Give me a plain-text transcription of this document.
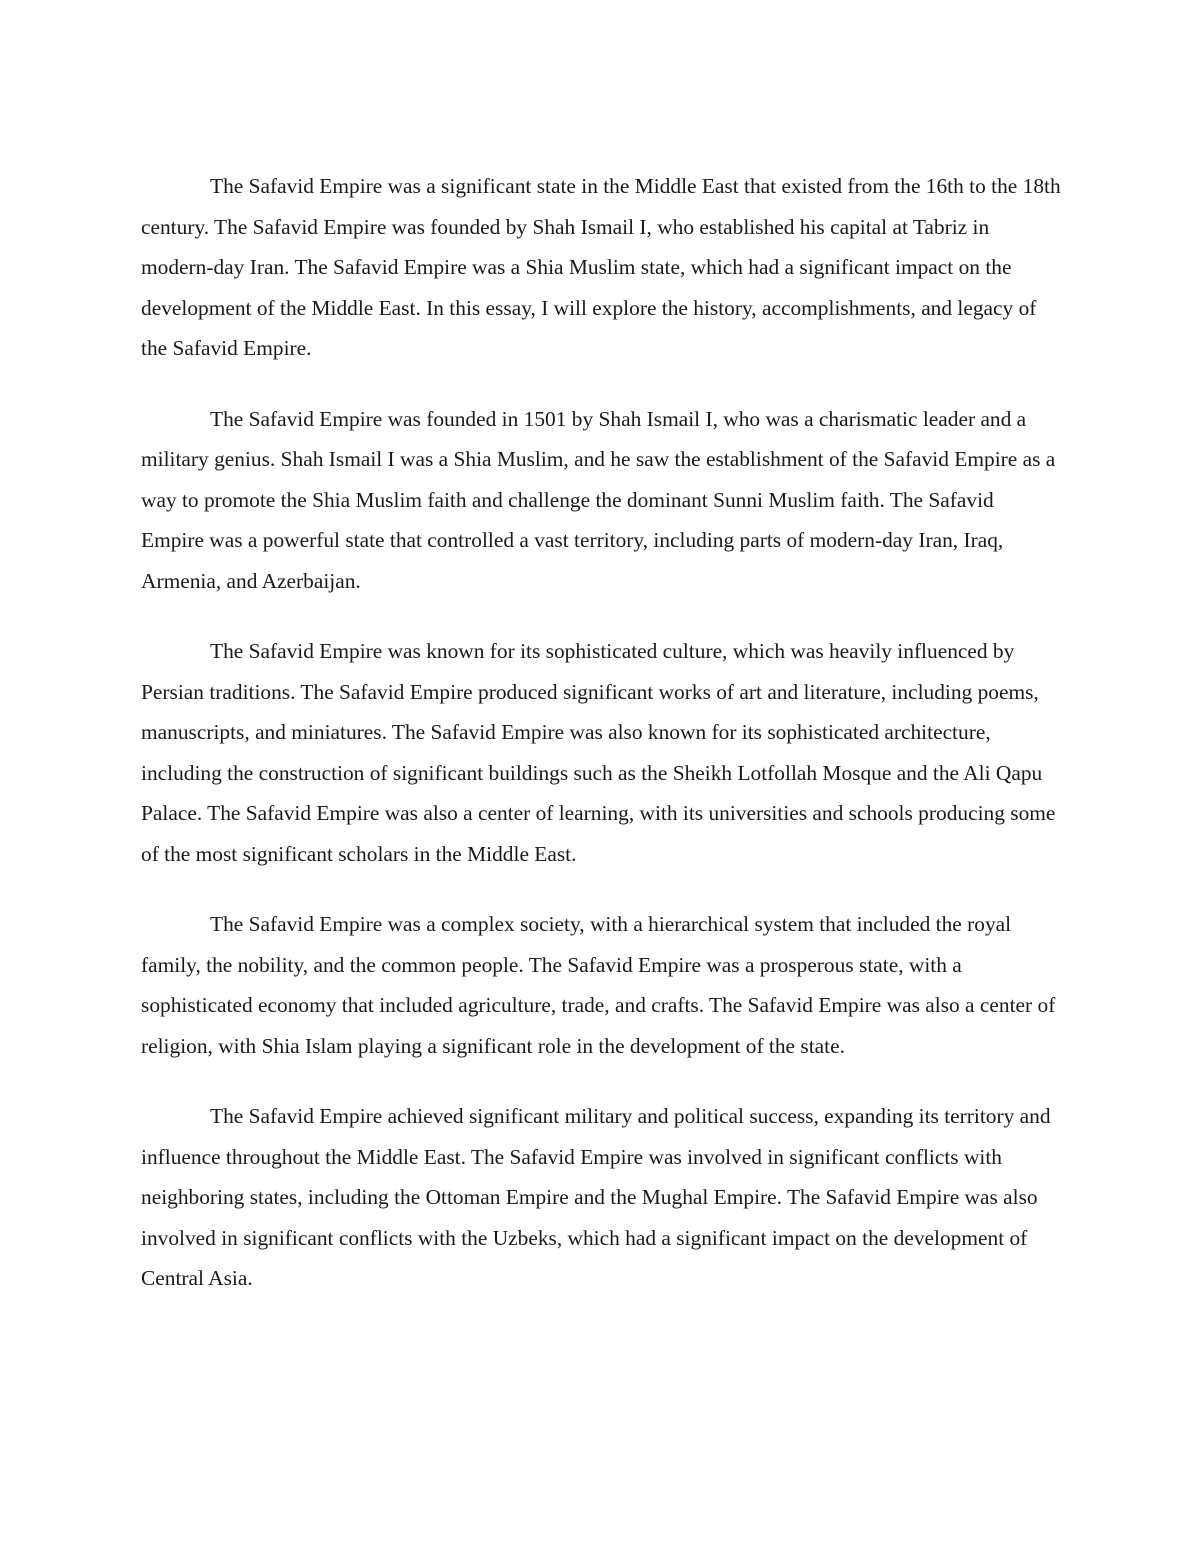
The Safavid Empire was a significant state in the Middle East that existed from the 16th to the 18th century. The Safavid Empire was founded by Shah Ismail I, who established his capital at Tabriz in modern-day Iran. The Safavid Empire was a Shia Muslim state, which had a significant impact on the development of the Middle East. In this essay, I will explore the history, accomplishments, and legacy of the Safavid Empire.

The Safavid Empire was founded in 1501 by Shah Ismail I, who was a charismatic leader and a military genius. Shah Ismail I was a Shia Muslim, and he saw the establishment of the Safavid Empire as a way to promote the Shia Muslim faith and challenge the dominant Sunni Muslim faith. The Safavid Empire was a powerful state that controlled a vast territory, including parts of modern-day Iran, Iraq, Armenia, and Azerbaijan.

The Safavid Empire was known for its sophisticated culture, which was heavily influenced by Persian traditions. The Safavid Empire produced significant works of art and literature, including poems, manuscripts, and miniatures. The Safavid Empire was also known for its sophisticated architecture, including the construction of significant buildings such as the Sheikh Lotfollah Mosque and the Ali Qapu Palace. The Safavid Empire was also a center of learning, with its universities and schools producing some of the most significant scholars in the Middle East.

The Safavid Empire was a complex society, with a hierarchical system that included the royal family, the nobility, and the common people. The Safavid Empire was a prosperous state, with a sophisticated economy that included agriculture, trade, and crafts. The Safavid Empire was also a center of religion, with Shia Islam playing a significant role in the development of the state.

The Safavid Empire achieved significant military and political success, expanding its territory and influence throughout the Middle East. The Safavid Empire was involved in significant conflicts with neighboring states, including the Ottoman Empire and the Mughal Empire. The Safavid Empire was also involved in significant conflicts with the Uzbeks, which had a significant impact on the development of Central Asia.
